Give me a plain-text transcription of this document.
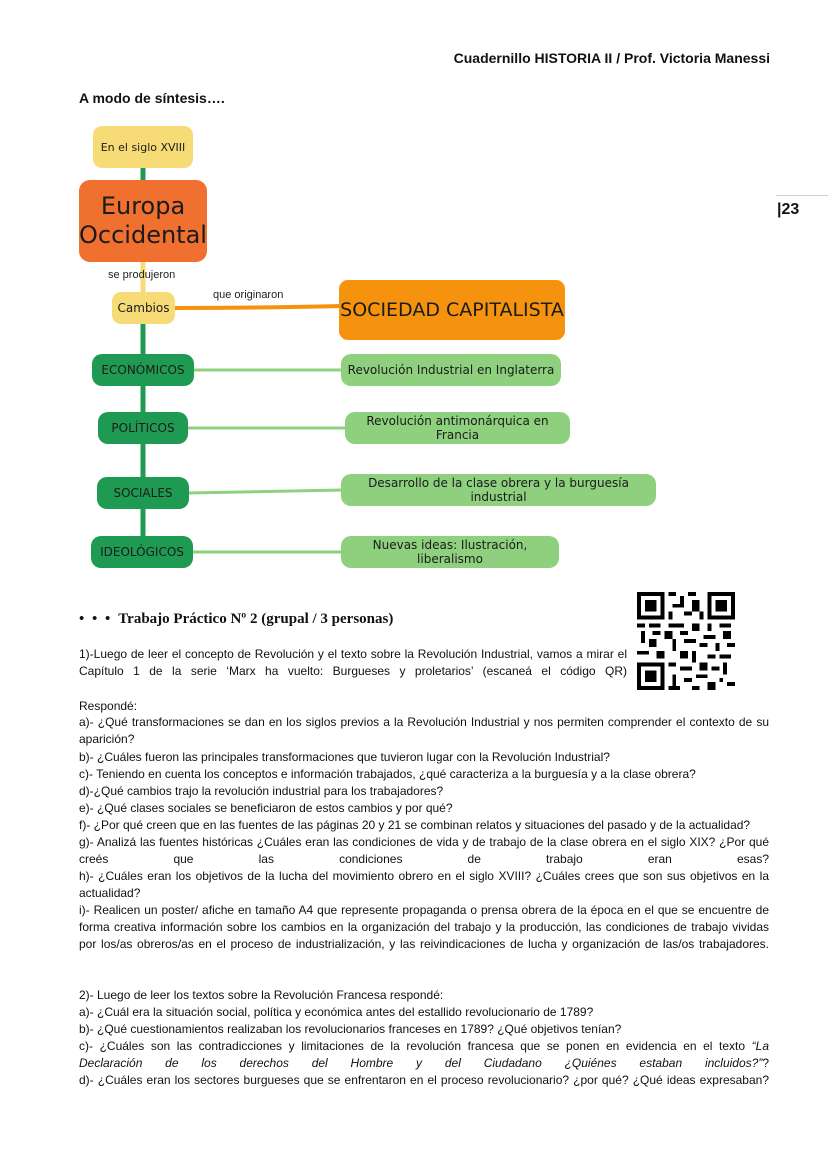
Cuadernillo HISTORIA II / Prof. Victoria Manessi
|23
A modo de síntesis….
En el siglo XVIII
Europa
Occidental
se produjeron
Cambios
que originaron
SOCIEDAD CAPITALISTA
ECONÓMICOS
POLÍTICOS
SOCIALES
IDEOLÓGICOS
Revolución Industrial en Inglaterra
Revolución antimonárquica en Francia
Desarrollo de la clase obrera y la burguesía industrial
Nuevas ideas: Ilustración, liberalismo
• • • Trabajo Práctico Nº 2 (grupal / 3 personas)
1)-Luego de leer el concepto de Revolución y el texto sobre la Revolución Industrial, vamos a mirar el Capítulo 1 de la serie ‘Marx ha vuelto: Burgueses y proletarios’ (escaneá el código QR)
Respondé:
a)- ¿Qué transformaciones se dan en los siglos previos a la Revolución Industrial y nos permiten comprender el contexto de su aparición?
b)- ¿Cuáles fueron las principales transformaciones que tuvieron lugar con la Revolución Industrial?
c)- Teniendo en cuenta los conceptos e información trabajados, ¿qué caracteriza a la burguesía y a la clase obrera?
d)-¿Qué cambios trajo la revolución industrial para los trabajadores?
e)- ¿Qué clases sociales se beneficiaron de estos cambios y por qué?
f)- ¿Por qué creen que en las fuentes de las páginas 20 y 21 se combinan relatos y situaciones del pasado y de la actualidad?
g)- Analizá las fuentes históricas ¿Cuáles eran las condiciones de vida y de trabajo de la clase obrera en el siglo XIX? ¿Por qué creés que las condiciones de trabajo eran esas?
h)- ¿Cuáles eran los objetivos de la lucha del movimiento obrero en el siglo XVIII? ¿Cuáles crees que son sus objetivos en la actualidad?
i)- Realicen un poster/ afiche en tamaño A4 que represente propaganda o prensa obrera de la época en el que se encuentre de forma creativa información sobre los cambios en la organización del trabajo y la producción, las condiciones de trabajo vividas por los/as obreros/as en el proceso de industrialización, y las reivindicaciones de lucha y organización de las/os trabajadores.
2)- Luego de leer los textos sobre la Revolución Francesa respondé:
a)- ¿Cuál era la situación social, política y económica antes del estallido revolucionario de 1789?
b)- ¿Qué cuestionamientos realizaban los revolucionarios franceses en 1789? ¿Qué objetivos tenían?
c)- ¿Cuáles son las contradicciones y limitaciones de la revolución francesa que se ponen en evidencia en el texto “La Declaración de los derechos del Hombre y del Ciudadano ¿Quiénes estaban incluidos?”?
d)- ¿Cuáles eran los sectores burgueses que se enfrentaron en el proceso revolucionario? ¿por qué? ¿Qué ideas expresaban?
